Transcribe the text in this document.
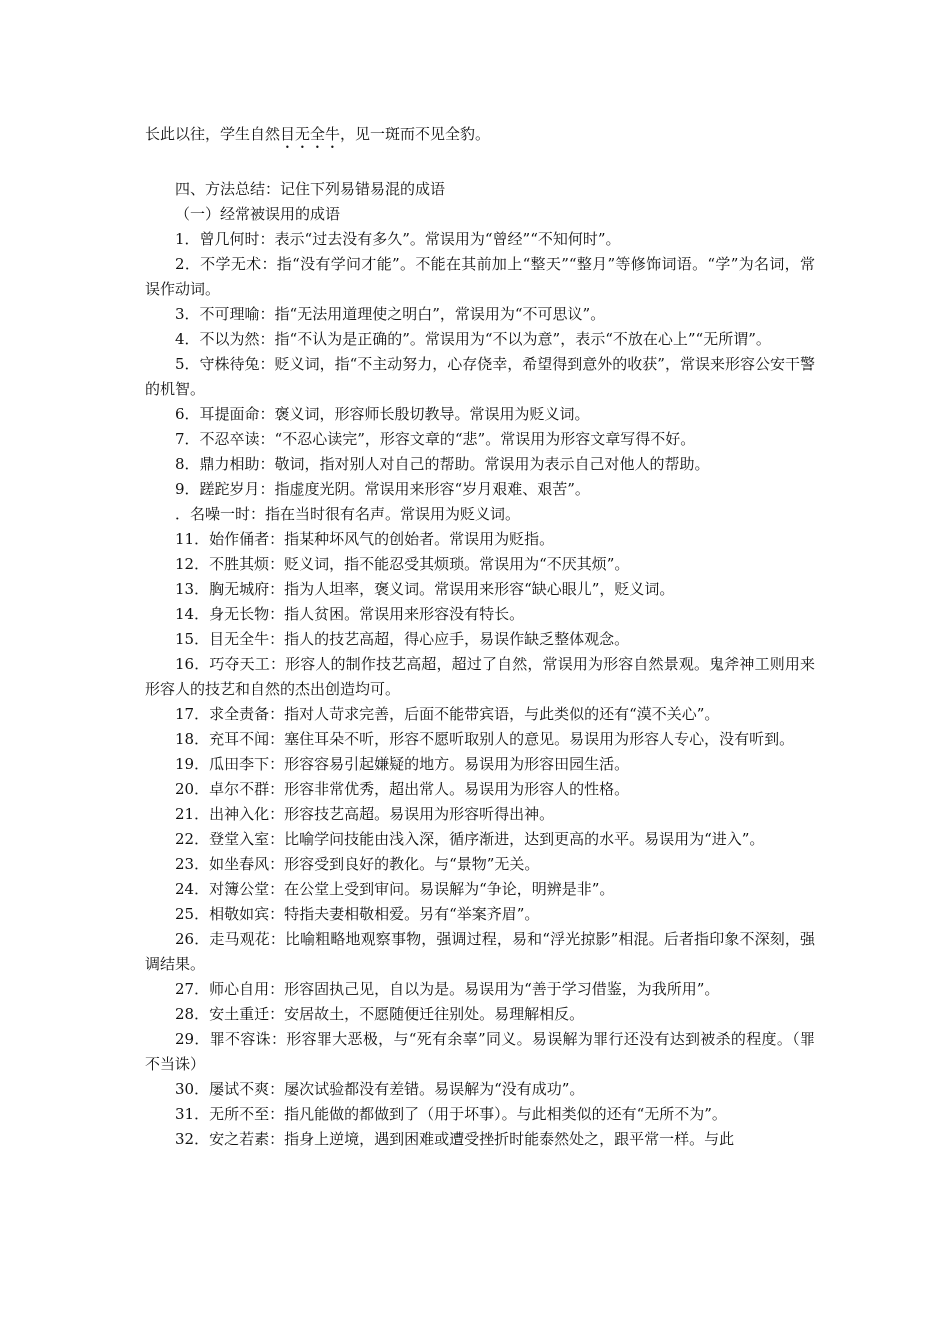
长此以往，学生自然目无全牛，见一斑而不见全豹。

四、方法总结：记住下列易错易混的成语

（一）经常被误用的成语

1．曾几何时：表示“过去没有多久”。常误用为“曾经”“不知何时”。

2．不学无术：指“没有学问才能”。不能在其前加上“整天”“整月”等修饰词语。“学”为名词，常误作动词。

3．不可理喻：指“无法用道理使之明白”，常误用为“不可思议”。

4．不以为然：指“不认为是正确的”。常误用为“不以为意”，表示“不放在心上”“无所谓”。

5．守株待兔：贬义词，指“不主动努力，心存侥幸，希望得到意外的收获”，常误来形容公安干警的机智。

6．耳提面命：褒义词，形容师长殷切教导。常误用为贬义词。

7．不忍卒读：“不忍心读完”，形容文章的“悲”。常误用为形容文章写得不好。

8．鼎力相助：敬词，指对别人对自己的帮助。常误用为表示自己对他人的帮助。

9．蹉跎岁月：指虚度光阴。常误用来形容“岁月艰难、艰苦”。

．名噪一时：指在当时很有名声。常误用为贬义词。

11．始作俑者：指某种坏风气的创始者。常误用为贬指。

12．不胜其烦：贬义词，指不能忍受其烦琐。常误用为“不厌其烦”。

13．胸无城府：指为人坦率，褒义词。常误用来形容“缺心眼儿”，贬义词。

14．身无长物：指人贫困。常误用来形容没有特长。

15．目无全牛：指人的技艺高超，得心应手，易误作缺乏整体观念。

16．巧夺天工：形容人的制作技艺高超，超过了自然，常误用为形容自然景观。鬼斧神工则用来形容人的技艺和自然的杰出创造均可。

17．求全责备：指对人苛求完善，后面不能带宾语，与此类似的还有“漠不关心”。

18．充耳不闻：塞住耳朵不听，形容不愿听取别人的意见。易误用为形容人专心，没有听到。

19．瓜田李下：形容容易引起嫌疑的地方。易误用为形容田园生活。

20．卓尔不群：形容非常优秀，超出常人。易误用为形容人的性格。

21．出神入化：形容技艺高超。易误用为形容听得出神。

22．登堂入室：比喻学问技能由浅入深，循序渐进，达到更高的水平。易误用为“进入”。

23．如坐春风：形容受到良好的教化。与“景物”无关。

24．对簿公堂：在公堂上受到审问。易误解为“争论，明辨是非”。

25．相敬如宾：特指夫妻相敬相爱。另有“举案齐眉”。

26．走马观花：比喻粗略地观察事物，强调过程，易和“浮光掠影”相混。后者指印象不深刻，强调结果。

27．师心自用：形容固执己见，自以为是。易误用为“善于学习借鉴，为我所用”。

28．安土重迁：安居故土，不愿随便迁往别处。易理解相反。

29．罪不容诛：形容罪大恶极，与“死有余辜”同义。易误解为罪行还没有达到被杀的程度。（罪不当诛）

30．屡试不爽：屡次试验都没有差错。易误解为“没有成功”。

31．无所不至：指凡能做的都做到了（用于坏事）。与此相类似的还有“无所不为”。

32．安之若素：指身上逆境，遇到困难或遭受挫折时能泰然处之，跟平常一样。与此
